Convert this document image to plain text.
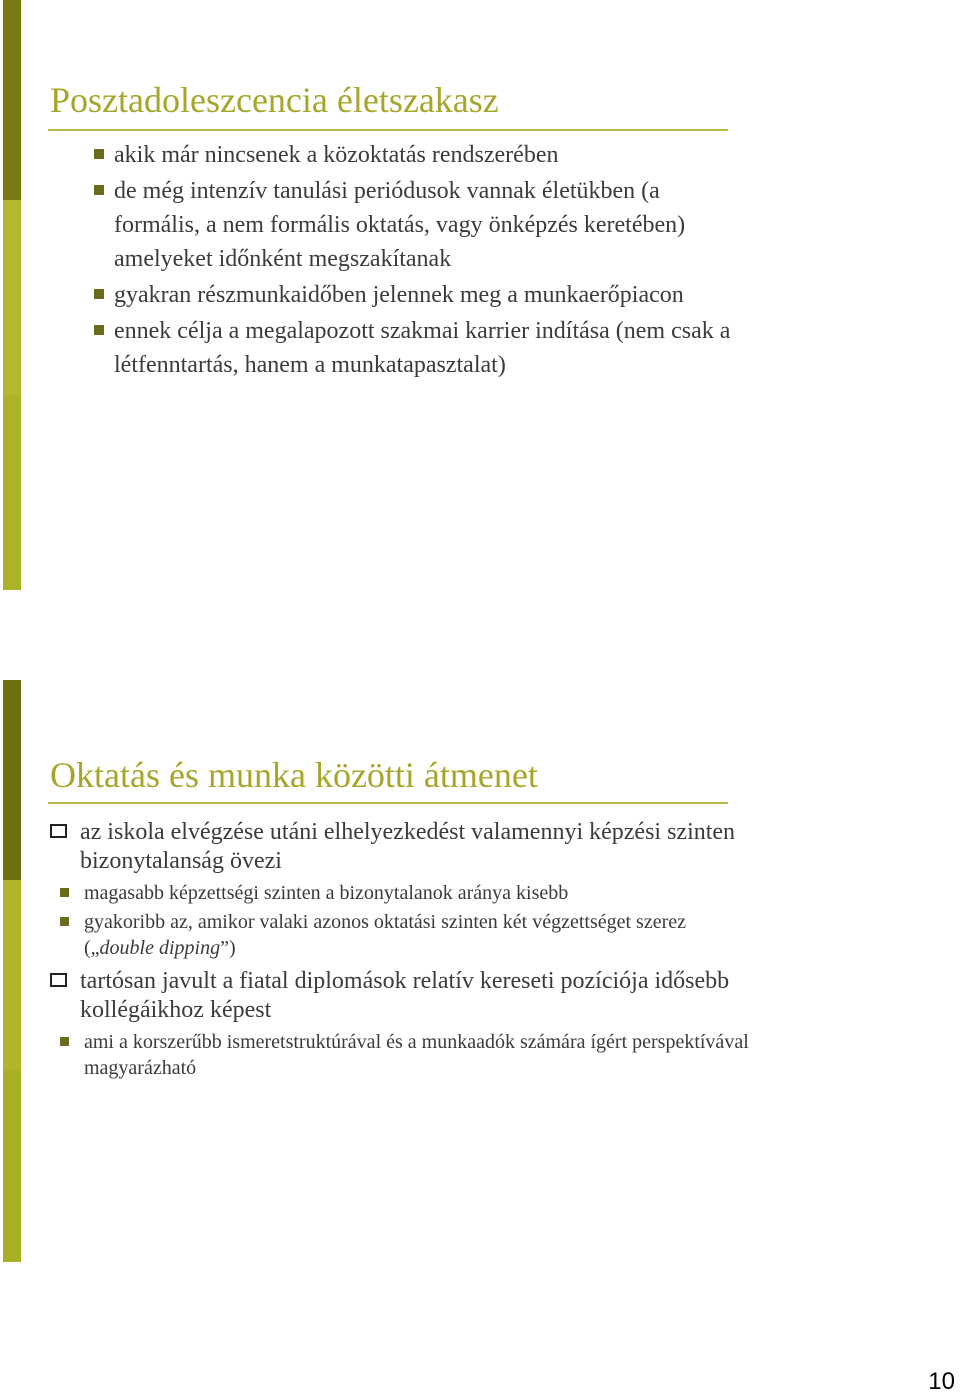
Posztadoleszcencia életszakasz
akik már nincsenek a közoktatás rendszerében
de még intenzív tanulási periódusok vannak életükben (a formális, a nem formális oktatás, vagy önképzés keretében) amelyeket időnként megszakítanak
gyakran részmunkaidőben jelennek meg a munkaerőpiacon
ennek célja a megalapozott szakmai karrier indítása (nem csak a létfenntartás, hanem a munkatapasztalat)
Oktatás és munka közötti átmenet
az iskola elvégzése utáni elhelyezkedést valamennyi képzési szinten bizonytalanság övezi
magasabb képzettségi szinten a bizonytalanok aránya kisebb
gyakoribb az, amikor valaki azonos oktatási szinten két végzettséget szerez („double dipping”)
tartósan javult a fiatal diplomások relatív kereseti pozíciója idősebb kollégáikhoz képest
ami a korszerűbb ismeretstruktúrával és a munkaadók számára ígért perspektívával magyarázható
10
